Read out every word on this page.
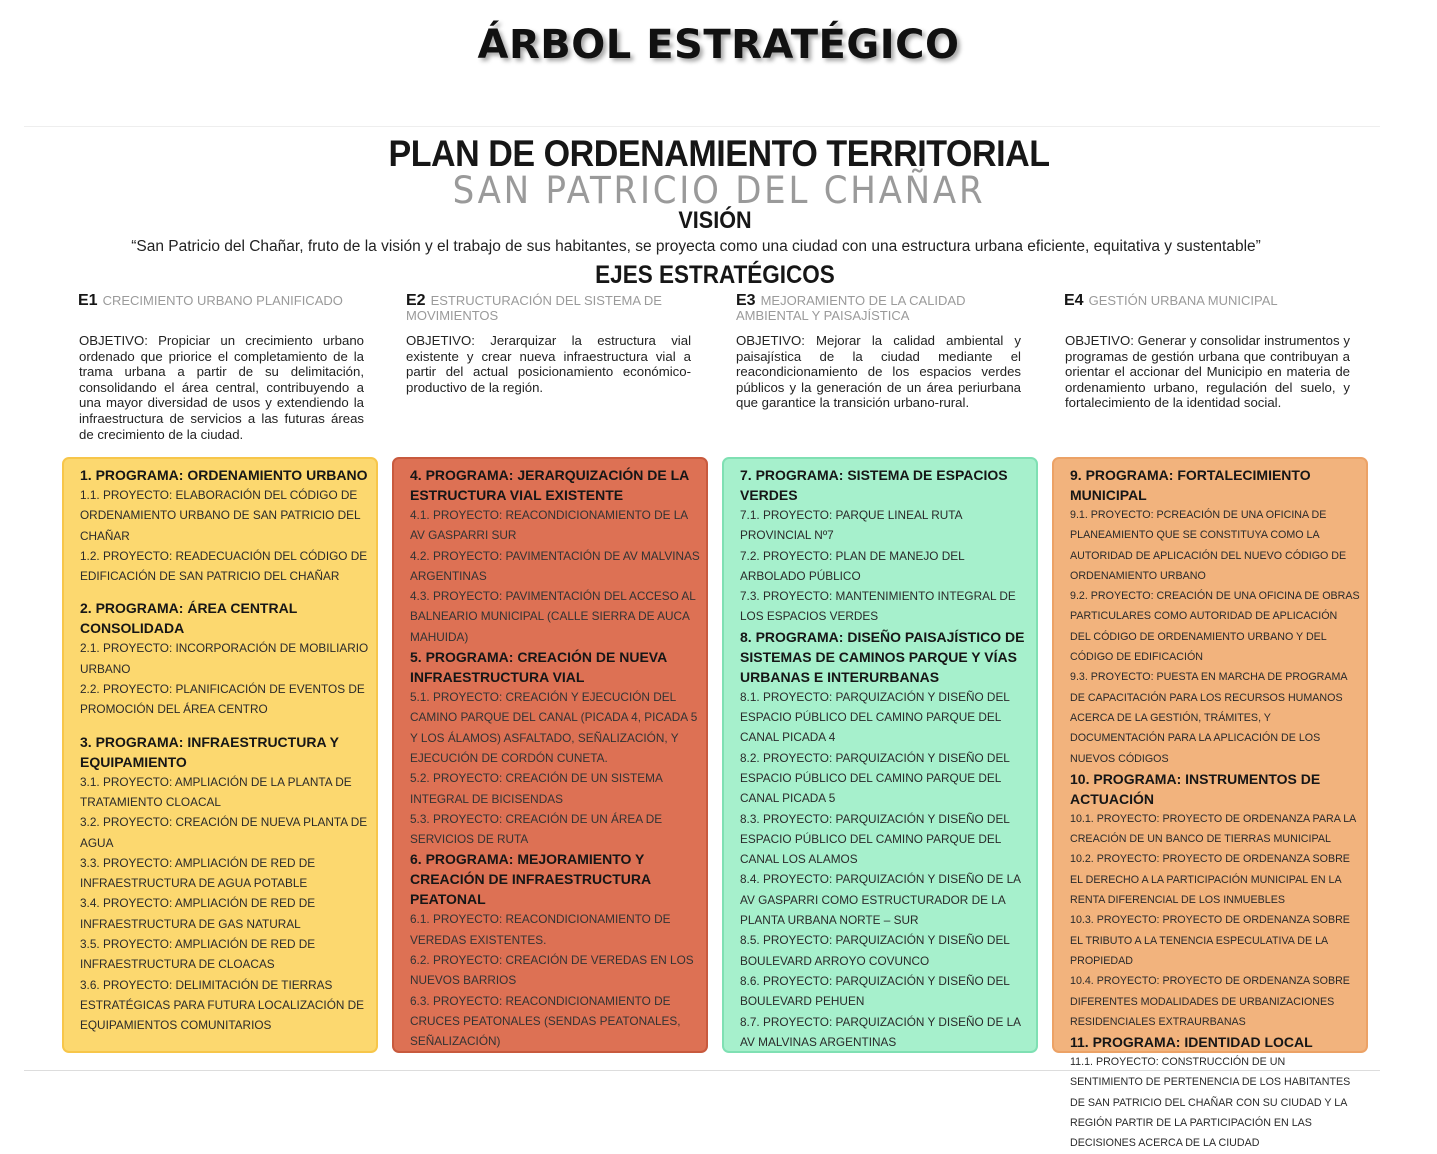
ÁRBOL ESTRATÉGICO
PLAN DE ORDENAMIENTO TERRITORIAL
SAN PATRICIO DEL CHAÑAR
VISIÓN
“San Patricio del Chañar, fruto de la visión y el trabajo de sus habitantes, se proyecta como una ciudad con una estructura urbana eficiente, equitativa y sustentable”
EJES ESTRATÉGICOS
E1 CRECIMIENTO URBANO PLANIFICADO	E2 ESTRUCTURACIÓN DEL SISTEMA DE MOVIMIENTOS
E3 MEJORAMIENTO DE LA CALIDAD AMBIENTAL Y PAISAJÍSTICA
E4 GESTIÓN URBANA MUNICIPAL
OBJETIVO: Propiciar un crecimiento urbano ordenado que priorice el completamiento de la trama urbana a partir de su delimitación, consolidando el área central, contribuyendo a una mayor diversidad de usos y extendiendo la infraestructura de servicios a las futuras áreas de crecimiento de la ciudad.
OBJETIVO: Jerarquizar la estructura vial existente y crear nueva infraestructura vial a partir del actual posicionamiento económico-productivo de la región.
OBJETIVO: Mejorar la calidad ambiental y paisajística de la ciudad mediante el reacondicionamiento de los espacios verdes públicos y la generación de un área periurbana que garantice la transición urbano-rural.
OBJETIVO: Generar y consolidar instrumentos y programas de gestión urbana que contribuyan a orientar el accionar del Municipio en materia de ordenamiento urbano, regulación del suelo, y fortalecimiento de la identidad social.
1. PROGRAMA: ORDENAMIENTO URBANO
1.1. PROYECTO: ELABORACIÓN DEL CÓDIGO DE ORDENAMIENTO URBANO DE SAN PATRICIO DEL CHAÑAR
1.2. PROYECTO: READECUACIÓN DEL CÓDIGO DE EDIFICACIÓN DE SAN PATRICIO DEL CHAÑAR
2. PROGRAMA: ÁREA CENTRAL CONSOLIDADA
2.1. PROYECTO: INCORPORACIÓN DE MOBILIARIO URBANO
2.2. PROYECTO: PLANIFICACIÓN DE EVENTOS DE PROMOCIÓN DEL ÁREA CENTRO
3. PROGRAMA: INFRAESTRUCTURA Y EQUIPAMIENTO
3.1. PROYECTO: AMPLIACIÓN DE LA PLANTA DE TRATAMIENTO CLOACAL
3.2. PROYECTO: CREACIÓN DE NUEVA PLANTA DE AGUA
3.3. PROYECTO: AMPLIACIÓN DE RED DE INFRAESTRUCTURA DE AGUA POTABLE
3.4. PROYECTO: AMPLIACIÓN DE RED DE INFRAESTRUCTURA DE GAS NATURAL
3.5. PROYECTO: AMPLIACIÓN DE RED DE INFRAESTRUCTURA DE CLOACAS
3.6. PROYECTO: DELIMITACIÓN DE TIERRAS ESTRATÉGICAS PARA FUTURA LOCALIZACIÓN DE EQUIPAMIENTOS COMUNITARIOS
4. PROGRAMA: JERARQUIZACIÓN DE LA ESTRUCTURA VIAL EXISTENTE
4.1. PROYECTO: REACONDICIONAMIENTO DE LA AV GASPARRI SUR
4.2. PROYECTO: PAVIMENTACIÓN DE AV MALVINAS ARGENTINAS
4.3. PROYECTO: PAVIMENTACIÓN DEL ACCESO AL BALNEARIO MUNICIPAL (CALLE SIERRA DE AUCA MAHUIDA)
5. PROGRAMA: CREACIÓN DE NUEVA INFRAESTRUCTURA VIAL
5.1. PROYECTO: CREACIÓN Y EJECUCIÓN DEL CAMINO PARQUE DEL CANAL (PICADA 4, PICADA 5 Y LOS ÁLAMOS) ASFALTADO, SEÑALIZACIÓN, Y EJECUCIÓN DE CORDÓN CUNETA.
5.2. PROYECTO: CREACIÓN DE UN SISTEMA INTEGRAL DE BICISENDAS
5.3. PROYECTO: CREACIÓN DE UN ÁREA DE SERVICIOS DE RUTA
6. PROGRAMA: MEJORAMIENTO Y CREACIÓN DE INFRAESTRUCTURA PEATONAL
6.1. PROYECTO: REACONDICIONAMIENTO DE VEREDAS EXISTENTES.
6.2. PROYECTO: CREACIÓN DE VEREDAS EN LOS NUEVOS BARRIOS
6.3. PROYECTO: REACONDICIONAMIENTO DE CRUCES PEATONALES (SENDAS PEATONALES, SEÑALIZACIÓN)
7. PROGRAMA: SISTEMA DE ESPACIOS VERDES
7.1. PROYECTO: PARQUE LINEAL RUTA PROVINCIAL Nº7
7.2. PROYECTO: PLAN DE MANEJO DEL ARBOLADO PÚBLICO
7.3. PROYECTO: MANTENIMIENTO INTEGRAL DE LOS ESPACIOS VERDES
8. PROGRAMA: DISEÑO PAISAJÍSTICO DE SISTEMAS DE CAMINOS PARQUE Y VÍAS URBANAS E INTERURBANAS
8.1. PROYECTO: PARQUIZACIÓN Y DISEÑO DEL ESPACIO PÚBLICO DEL CAMINO PARQUE DEL CANAL PICADA 4
8.2. PROYECTO: PARQUIZACIÓN Y DISEÑO DEL ESPACIO PÚBLICO DEL CAMINO PARQUE DEL CANAL PICADA 5
8.3. PROYECTO: PARQUIZACIÓN Y DISEÑO DEL ESPACIO PÚBLICO DEL CAMINO PARQUE DEL CANAL LOS ALAMOS
8.4. PROYECTO: PARQUIZACIÓN Y DISEÑO DE LA AV GASPARRI COMO ESTRUCTURADOR DE LA PLANTA URBANA NORTE – SUR
8.5. PROYECTO: PARQUIZACIÓN Y DISEÑO DEL BOULEVARD ARROYO COVUNCO
8.6. PROYECTO: PARQUIZACIÓN Y DISEÑO DEL BOULEVARD PEHUEN
8.7. PROYECTO: PARQUIZACIÓN Y DISEÑO DE LA AV MALVINAS ARGENTINAS
9. PROGRAMA: FORTALECIMIENTO MUNICIPAL
9.1. PROYECTO: PCREACIÓN DE UNA OFICINA DE PLANEAMIENTO QUE SE CONSTITUYA COMO LA AUTORIDAD DE APLICACIÓN DEL NUEVO CÓDIGO DE ORDENAMIENTO URBANO
9.2. PROYECTO: CREACIÓN DE UNA OFICINA DE OBRAS PARTICULARES COMO AUTORIDAD DE APLICACIÓN DEL CÓDIGO DE ORDENAMIENTO URBANO Y DEL CÓDIGO DE EDIFICACIÓN
9.3. PROYECTO: PUESTA EN MARCHA DE PROGRAMA DE CAPACITACIÓN PARA LOS RECURSOS HUMANOS ACERCA DE LA GESTIÓN, TRÁMITES, Y DOCUMENTACIÓN PARA LA APLICACIÓN DE LOS NUEVOS CÓDIGOS
10. PROGRAMA: INSTRUMENTOS DE ACTUACIÓN
10.1. PROYECTO: PROYECTO DE ORDENANZA PARA LA CREACIÓN DE UN BANCO DE TIERRAS MUNICIPAL
10.2. PROYECTO: PROYECTO DE ORDENANZA SOBRE EL DERECHO A LA PARTICIPACIÓN MUNICIPAL EN LA RENTA DIFERENCIAL DE LOS INMUEBLES
10.3. PROYECTO: PROYECTO DE ORDENANZA SOBRE EL TRIBUTO A LA TENENCIA ESPECULATIVA DE LA PROPIEDAD
10.4. PROYECTO: PROYECTO DE ORDENANZA SOBRE DIFERENTES MODALIDADES DE URBANIZACIONES RESIDENCIALES EXTRAURBANAS
11. PROGRAMA: IDENTIDAD LOCAL
11.1. PROYECTO: CONSTRUCCIÓN DE UN SENTIMIENTO DE PERTENENCIA DE LOS HABITANTES DE SAN PATRICIO DEL CHAÑAR CON SU CIUDAD Y LA REGIÓN PARTIR DE LA PARTICIPACIÓN EN LAS DECISIONES ACERCA DE LA CIUDAD
